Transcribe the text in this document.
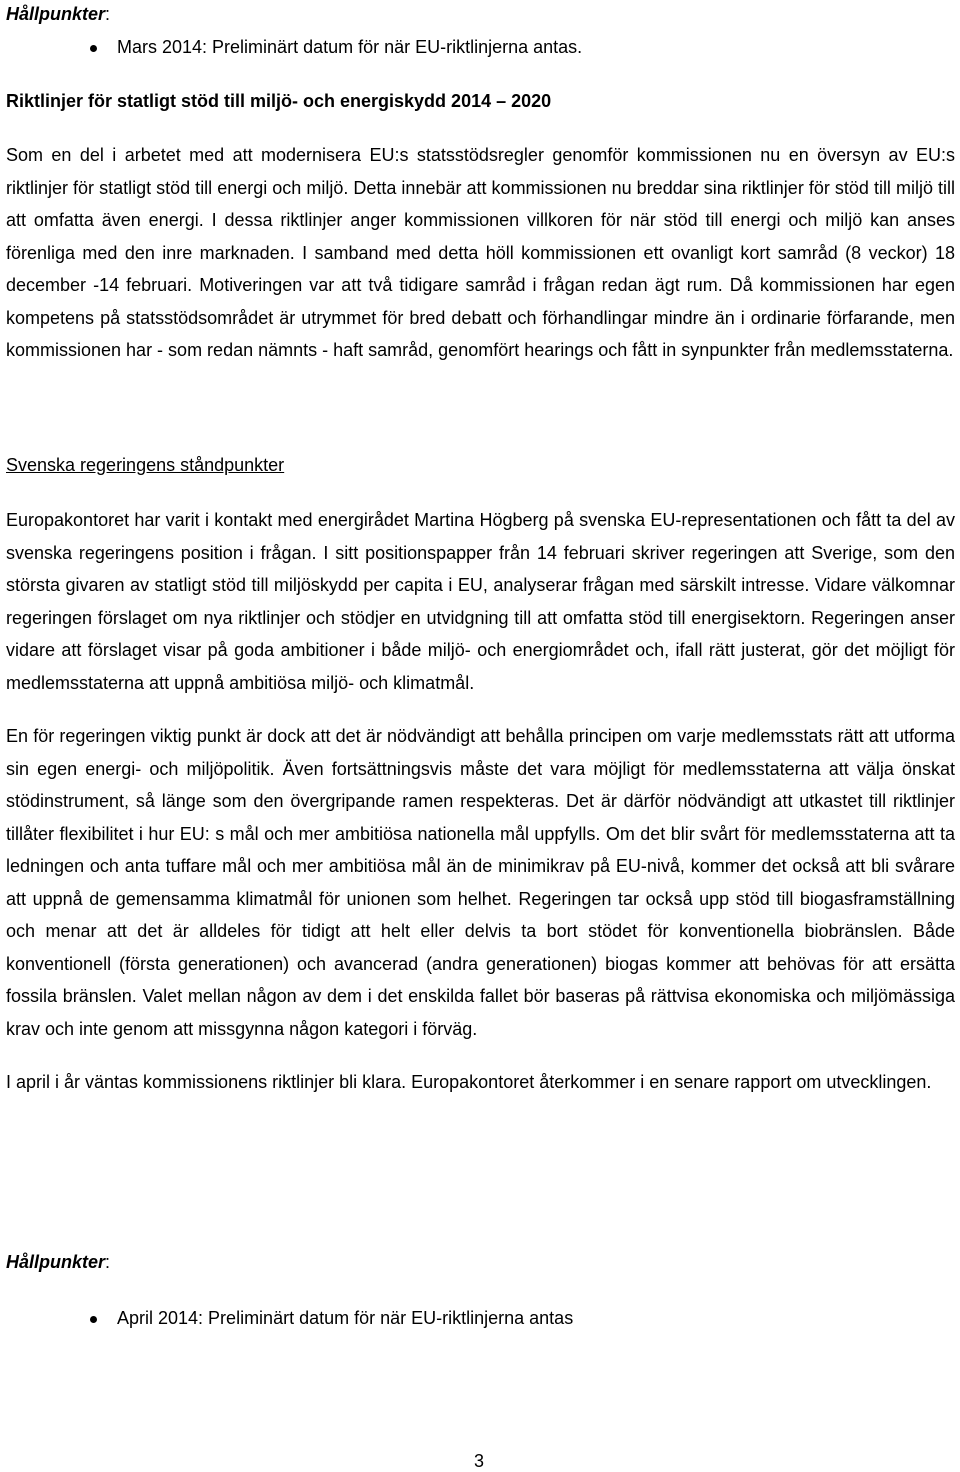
Hållpunkter:

Mars 2014: Preliminärt datum för när EU-riktlinjerna antas.
Riktlinjer för statligt stöd till miljö- och energiskydd 2014 – 2020

Som en del i arbetet med att modernisera EU:s statsstödsregler genomför kommissionen nu en översyn av EU:s riktlinjer för statligt stöd till energi och miljö. Detta innebär att kommissionen nu breddar sina riktlinjer för stöd till miljö till att omfatta även energi. I dessa riktlinjer anger kommissionen villkoren för när stöd till energi och miljö kan anses förenliga med den inre marknaden. I samband med detta höll kommissionen ett ovanligt kort samråd (8 veckor) 18 december -14 februari. Motiveringen var att två tidigare samråd i frågan redan ägt rum. Då kommissionen har egen kompetens på statsstödsområdet är utrymmet för bred debatt och förhandlingar mindre än i ordinarie förfarande, men kommissionen har - som redan nämnts - haft samråd, genomfört hearings och fått in synpunkter från medlemsstaterna.

Svenska regeringens ståndpunkter

Europakontoret har varit i kontakt med energirådet Martina Högberg på svenska EU-representationen och fått ta del av svenska regeringens position i frågan. I sitt positionspapper från 14 februari skriver regeringen att Sverige, som den största givaren av statligt stöd till miljöskydd per capita i EU, analyserar frågan med särskilt intresse. Vidare välkomnar regeringen förslaget om nya riktlinjer och stödjer en utvidgning till att omfatta stöd till energisektorn. Regeringen anser vidare att förslaget visar på goda ambitioner i både miljö- och energiområdet och, ifall rätt justerat, gör det möjligt för medlemsstaterna att uppnå ambitiösa miljö- och klimatmål.

En för regeringen viktig punkt är dock att det är nödvändigt att behålla principen om varje medlemsstats rätt att utforma sin egen energi- och miljöpolitik. Även fortsättningsvis måste det vara möjligt för medlemsstaterna att välja önskat stödinstrument, så länge som den övergripande ramen respekteras. Det är därför nödvändigt att utkastet till riktlinjer tillåter flexibilitet i hur EU: s mål och mer ambitiösa nationella mål uppfylls. Om det blir svårt för medlemsstaterna att ta ledningen och anta tuffare mål och mer ambitiösa mål än de minimikrav på EU-nivå, kommer det också att bli svårare att uppnå de gemensamma klimatmål för unionen som helhet. Regeringen tar också upp stöd till biogasframställning och menar att det är alldeles för tidigt att helt eller delvis ta bort stödet för konventionella biobränslen. Både konventionell (första generationen) och avancerad (andra generationen) biogas kommer att behövas för att ersätta fossila bränslen. Valet mellan någon av dem i det enskilda fallet bör baseras på rättvisa ekonomiska och miljömässiga krav och inte genom att missgynna någon kategori i förväg.

I april i år väntas kommissionens riktlinjer bli klara. Europakontoret återkommer i en senare rapport om utvecklingen.

Hållpunkter:

April 2014: Preliminärt datum för när EU-riktlinjerna antas
3
